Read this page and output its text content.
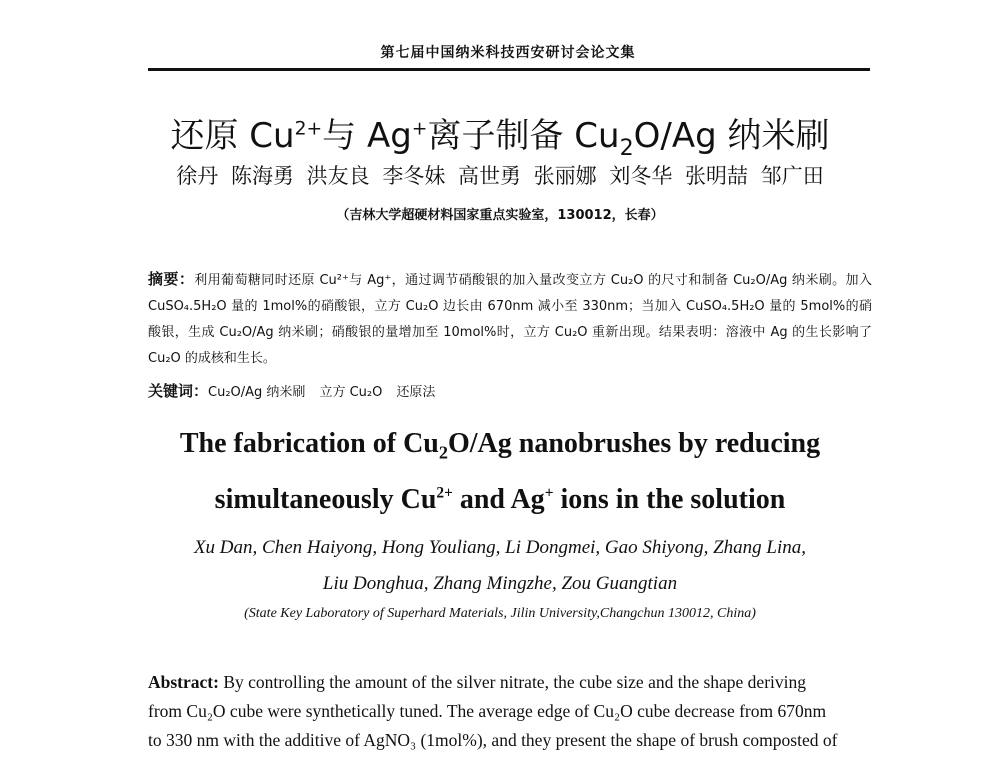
第七届中国纳米科技西安研讨会论文集
还原 $Cu^{2+}$与 Ag+离子制备 $Cu_2O/Ag$ 纳米刷
徐丹 陈海勇 洪友良 李冬妹 高世勇 张丽娜 刘冬华 张明喆 邹广田
（吉林大学超硬材料国家重点实验室，130012，长春）
摘要：利用葡萄糖同时还原 Cu²⁺与 Ag⁺，通过调节硝酸银的加入量改变立方 Cu₂O 的尺寸和制备 Cu₂O/Ag 纳米刷。加入 CuSO₄.5H₂O 量的 1mol%的硝酸银，立方 Cu₂O 边长由 670nm 减小至 330nm；当加入 CuSO₄.5H₂O 量的 5mol%的硝酸银，生成 Cu₂O/Ag 纳米刷；硝酸银的量增加至 10mol%时，立方 Cu₂O 重新出现。结果表明：溶液中 Ag 的生长影响了 Cu₂O 的成核和生长。
关键词：Cu₂O/Ag 纳米刷 立方 Cu₂O 还原法
The fabrication of $Cu_2O/Ag$ nanobrushes by reducing
simultaneously $Cu^{2+}$ and Ag+ ions in the solution
Xu Dan, Chen Haiyong, Hong Youliang, Li Dongmei, Gao Shiyong, Zhang Lina,
Liu Donghua, Zhang Mingzhe, Zou Guangtian
(State Key Laboratory of Superhard Materials, Jilin University,Changchun 130012, China)
Abstract: By controlling the amount of the silver nitrate, the cube size and the shape deriving
from Cu₂O cube were synthetically tuned. The average edge of Cu₂O cube decrease from 670nm
to 330 nm with the additive of AgNO₃ (1mol%), and they present the shape of brush composted of
